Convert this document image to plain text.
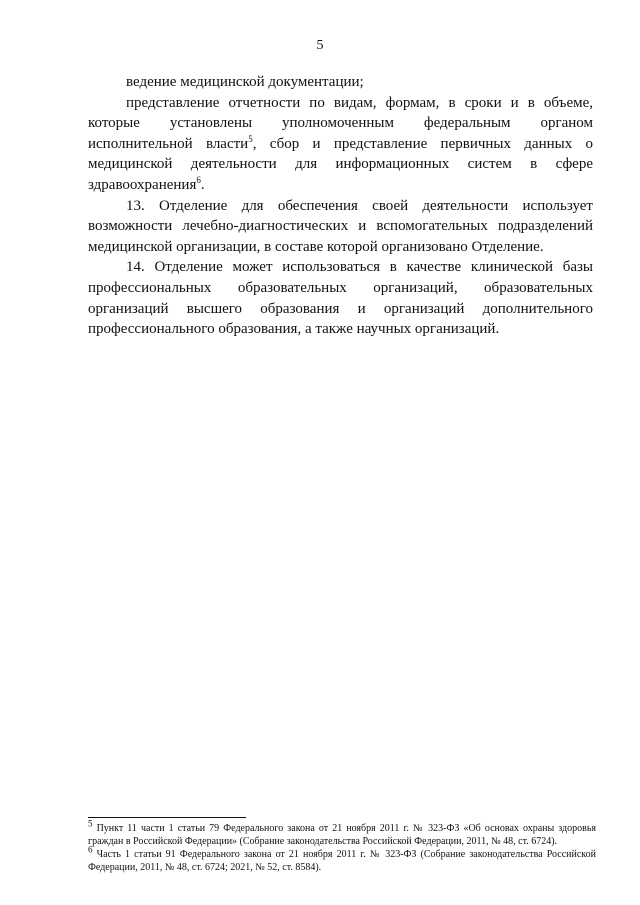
5

ведение медицинской документации;

представление отчетности по видам, формам, в сроки и в объеме, которые установлены уполномоченным федеральным органом исполнительной власти$^5$, сбор и представление первичных данных о медицинской деятельности для информационных систем в сфере здравоохранения$^6$.

13. Отделение для обеспечения своей деятельности использует возможности лечебно-диагностических и вспомогательных подразделений медицинской организации, в составе которой организовано Отделение.

14. Отделение может использоваться в качестве клинической базы профессиональных образовательных организаций, образовательных организаций высшего образования и организаций дополнительного профессионального образования, а также научных организаций.

$^5$ Пункт 11 части 1 статьи 79 Федерального закона от 21 ноября 2011 г. № 323-ФЗ «Об основах охраны здоровья граждан в Российской Федерации» (Собрание законодательства Российской Федерации, 2011, № 48, ст. 6724).

$^6$ Часть 1 статьи 91 Федерального закона от 21 ноября 2011 г. № 323-ФЗ (Собрание законодательства Российской Федерации, 2011, № 48, ст. 6724; 2021, № 52, ст. 8584).
